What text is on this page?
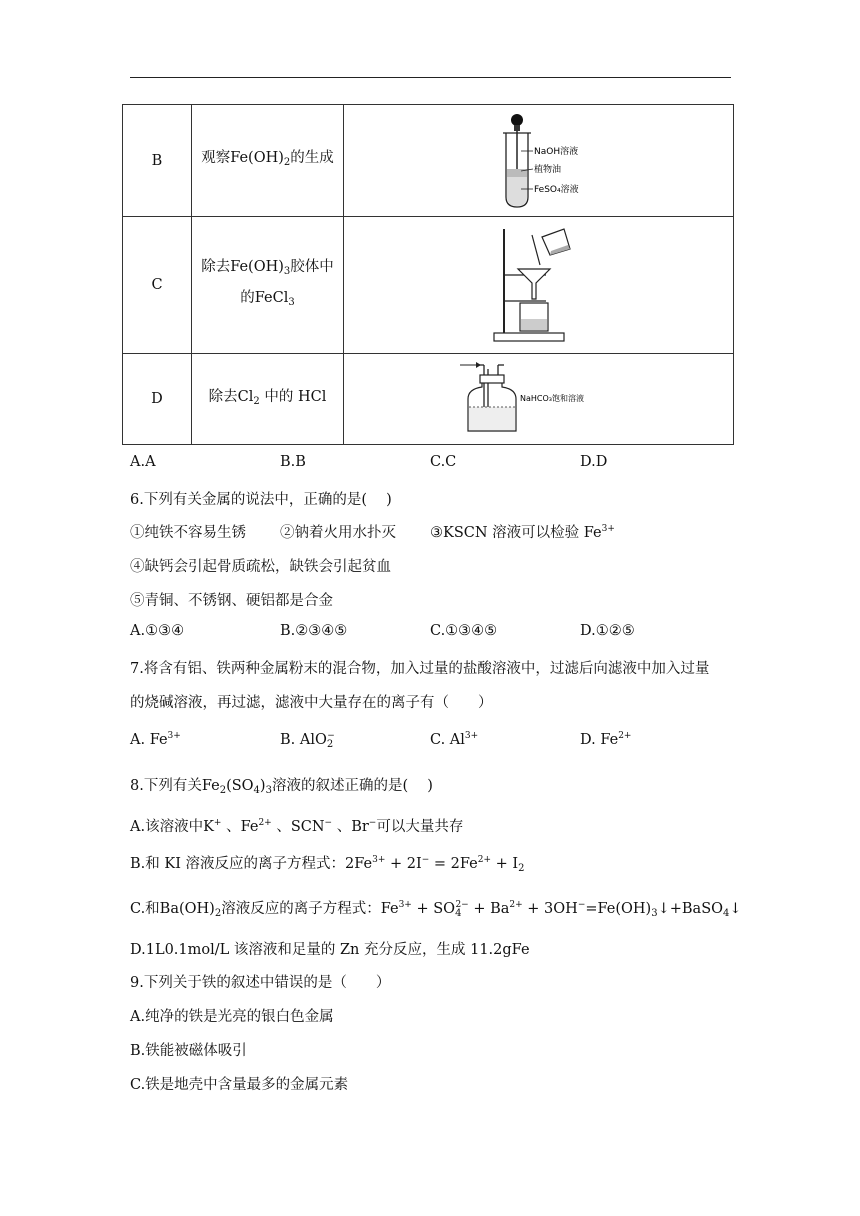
B	观察$Fe(OH)_2$的生成	NaOH溶液
植物油
FeSO₄溶液

C	除去$Fe(OH)_3$胶体中
的FeCl$_3$	
D	除去$Cl_2$ 中的 HCl	NaHCO₃饱和溶液
A.A	B.B	C.C	D.D
6.下列有关金属的说法中，正确的是(　 )
①纯铁不容易生锈 ②钠着火用水扑灭 ③KSCN 溶液可以检验 $Fe^{3+}$
④缺钙会引起骨质疏松，缺铁会引起贫血
⑤青铜、不锈钢、硬铝都是合金
A.①③④	B.②③④⑤	C.①③④⑤	D.①②⑤
7.将含有铝、铁两种金属粉末的混合物，加入过量的盐酸溶液中，过滤后向滤液中加入过量
的烧碱溶液，再过滤，滤液中大量存在的离子有（　　）
A. $Fe^{3+}$	B. AlO$_2$−	C. $Al^{3+}$	D. $Fe^{2+}$
8.下列有关$Fe_2(SO_4)_3$溶液的叙述正确的是(　 )
A.该溶液中K+ 、$Fe^{2+}$ 、SCN− 、Br−可以大量共存
B.和 KI 溶液反应的离子方程式：$2Fe^{3+} + 2I^- = 2Fe^{2+} + I_2$
C.和$Ba(OH)_2$溶液反应的离子方程式：$Fe^{3+} + SO_4^{2-} + Ba^{2+}$ + $3OH^-=Fe(OH)_3↓+BaSO_4↓$
D.1L0.1mol/L 该溶液和足量的 Zn 充分反应，生成 11.2gFe
9.下列关于铁的叙述中错误的是（　　）
A.纯净的铁是光亮的银白色金属
B.铁能被磁体吸引
C.铁是地壳中含量最多的金属元素
